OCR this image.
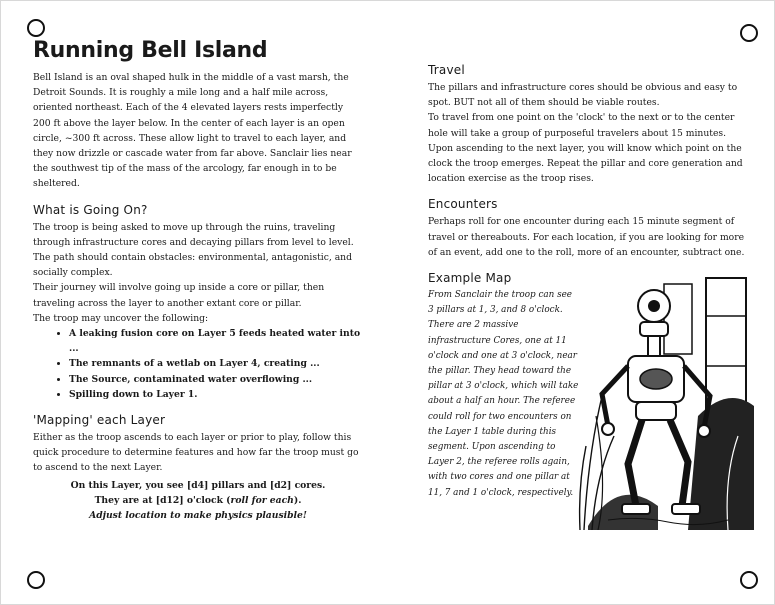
Running Bell Island

Bell Island is an oval shaped hulk in the middle of a vast marsh, the Detroit Sounds. It is roughly a mile long and a half mile across, oriented northeast. Each of the 4 elevated layers rests imperfectly 200 ft above the layer below. In the center of each layer is an open circle, ~300 ft across. These allow light to travel to each layer, and they now drizzle or cascade water from far above. Sanclair lies near the southwest tip of the mass of the arcology, far enough in to be sheltered.

What is Going On?

The troop is being asked to move up through the ruins, traveling through infrastructure cores and decaying pillars from level to level. The path should contain obstacles: environmental, antagonistic, and socially complex.

Their journey will involve going up inside a core or pillar, then traveling across the layer to another extant core or pillar.

The troop may uncover the following:

• A leaking fusion core on Layer 5 feeds heated water into ...
• The remnants of a wetlab on Layer 4, creating ...
• The Source, contaminated water overflowing ...
• Spilling down to Layer 1.
'Mapping' each Layer

Either as the troop ascends to each layer or prior to play, follow this quick procedure to determine features and how far the troop must go to ascend to the next Layer.

On this Layer, you see [d4] pillars and [d2] cores.

They are at [d12] o'clock (roll for each).

Adjust location to make physics plausible!

Travel

The pillars and infrastructure cores should be obvious and easy to spot. BUT not all of them should be viable routes.

To travel from one point on the 'clock' to the next or to the center hole will take a group of purposeful travelers about 15 minutes.

Upon ascending to the next layer, you will know which point on the clock the troop emerges. Repeat the pillar and core generation and location exercise as the troop rises.

Encounters

Perhaps roll for one encounter during each 15 minute segment of travel or thereabouts. For each location, if you are looking for more of an event, add one to the roll, more of an encounter, subtract one.

Example Map

From Sanclair the troop can see 3 pillars at 1, 3, and 8 o'clock. There are 2 massive infrastructure Cores, one at 11 o'clock and one at 3 o'clock, near the pillar. They head toward the pillar at 3 o'clock, which will take about a half an hour. The referee could roll for two encounters on the Layer 1 table during this segment. Upon ascending to Layer 2, the referee rolls again, with two cores and one pillar at 11, 7 and 1 o'clock, respectively.
